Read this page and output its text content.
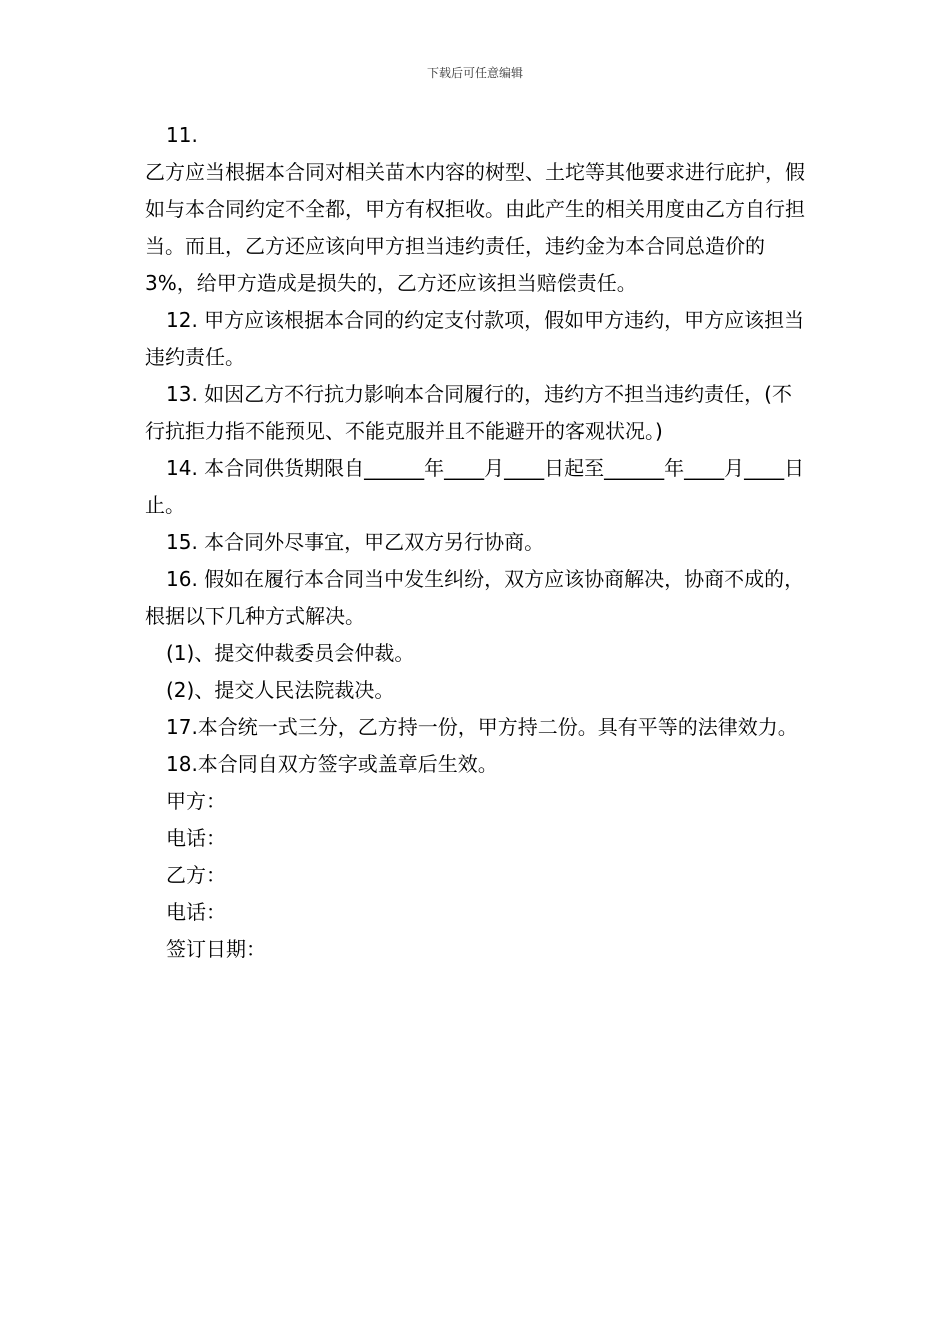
下载后可任意编辑

11.

乙方应当根据本合同对相关苗木内容的树型、土坨等其他要求进行庇护，假如与本合同约定不全都，甲方有权拒收。由此产生的相关用度由乙方自行担当。而且，乙方还应该向甲方担当违约责任，违约金为本合同总造价的3%，给甲方造成是损失的，乙方还应该担当赔偿责任。

12. 甲方应该根据本合同的约定支付款项，假如甲方违约，甲方应该担当违约责任。

13. 如因乙方不行抗力影响本合同履行的，违约方不担当违约责任，(不行抗拒力指不能预见、不能克服并且不能避开的客观状况。)

14. 本合同供货期限自______年____月____日起至______年____月____日止。

15. 本合同外尽事宜，甲乙双方另行协商。

16. 假如在履行本合同当中发生纠纷，双方应该协商解决，协商不成的，根据以下几种方式解决。

(1)、提交仲裁委员会仲裁。

(2)、提交人民法院裁决。

17.本合统一式三分，乙方持一份，甲方持二份。具有平等的法律效力。

18.本合同自双方签字或盖章后生效。

甲方：

电话：

乙方：

电话：

签订日期：
